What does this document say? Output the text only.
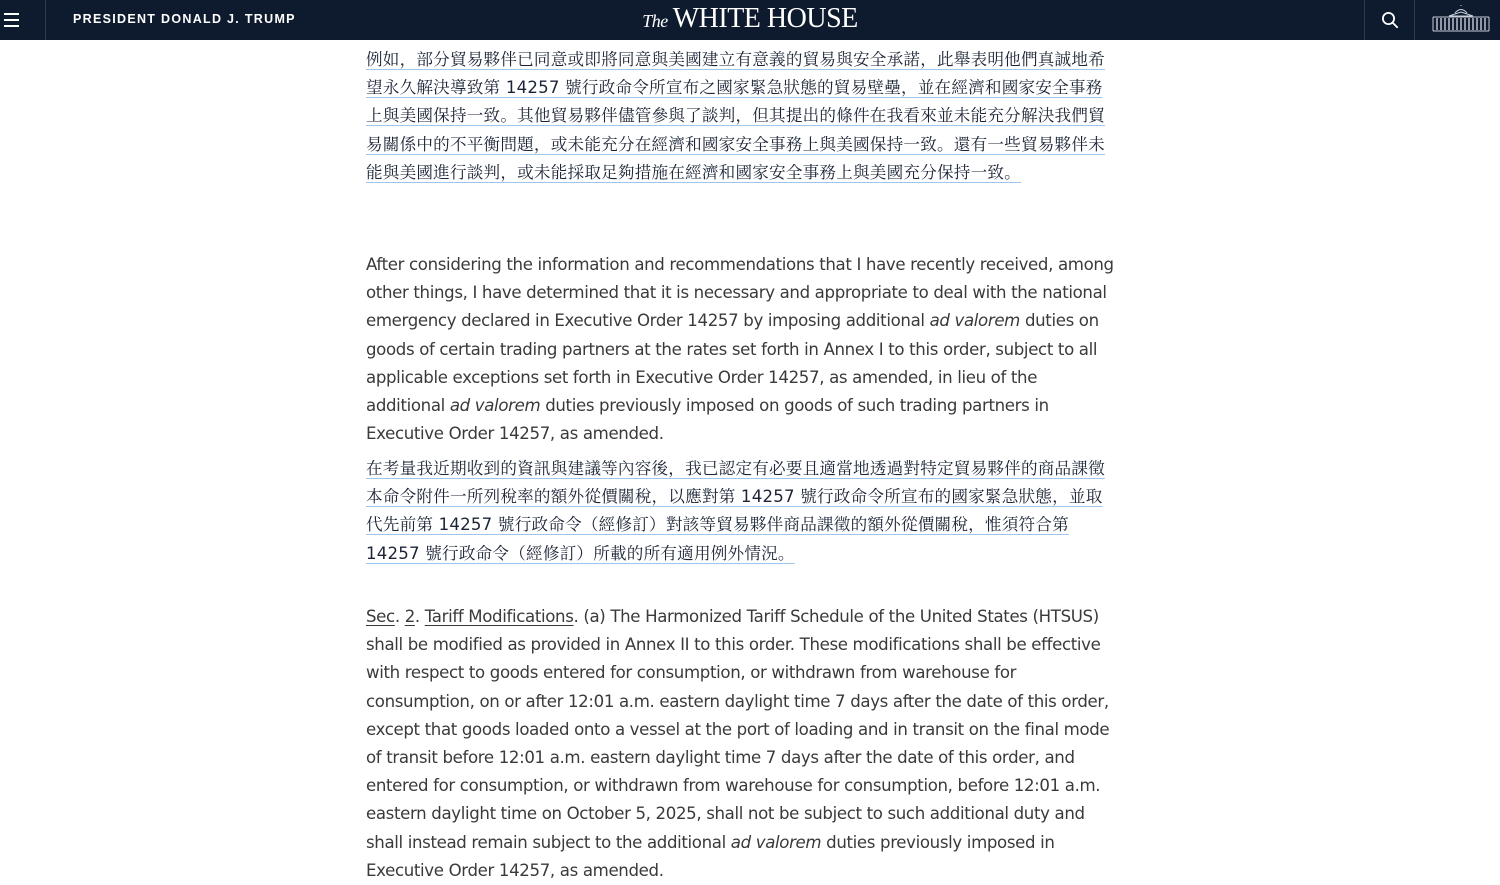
PRESIDENT DONALD J. TRUMP	The WHITE HOUSE

例如，部分貿易夥伴已同意或即將同意與美國建立有意義的貿易與安全承諾，此舉表明他們真誠地希望永久解決導致第 14257 號行政命令所宣布之國家緊急狀態的貿易壁壘，並在經濟和國家安全事務上與美國保持一致。其他貿易夥伴儘管參與了談判，但其提出的條件在我看來並未能充分解決我們貿易關係中的不平衡問題，或未能充分在經濟和國家安全事務上與美國保持一致。還有一些貿易夥伴未能與美國進行談判，或未能採取足夠措施在經濟和國家安全事務上與美國充分保持一致。

After considering the information and recommendations that I have recently received, among other things, I have determined that it is necessary and appropriate to deal with the national emergency declared in Executive Order 14257 by imposing additional ad valorem duties on goods of certain trading partners at the rates set forth in Annex I to this order, subject to all applicable exceptions set forth in Executive Order 14257, as amended, in lieu of the additional ad valorem duties previously imposed on goods of such trading partners in Executive Order 14257, as amended.

在考量我近期收到的資訊與建議等內容後，我已認定有必要且適當地透過對特定貿易夥伴的商品課徵本命令附件一所列稅率的額外從價關稅，以應對第 14257 號行政命令所宣布的國家緊急狀態，並取代先前第 14257 號行政命令（經修訂）對該等貿易夥伴商品課徵的額外從價關稅，惟須符合第 14257 號行政命令（經修訂）所載的所有適用例外情況。

Sec. 2. Tariff Modifications. (a) The Harmonized Tariff Schedule of the United States (HTSUS) shall be modified as provided in Annex II to this order. These modifications shall be effective with respect to goods entered for consumption, or withdrawn from warehouse for consumption, on or after 12:01 a.m. eastern daylight time 7 days after the date of this order, except that goods loaded onto a vessel at the port of loading and in transit on the final mode of transit before 12:01 a.m. eastern daylight time 7 days after the date of this order, and entered for consumption, or withdrawn from warehouse for consumption, before 12:01 a.m. eastern daylight time on October 5, 2025, shall not be subject to such additional duty and shall instead remain subject to the additional ad valorem duties previously imposed in Executive Order 14257, as amended.
